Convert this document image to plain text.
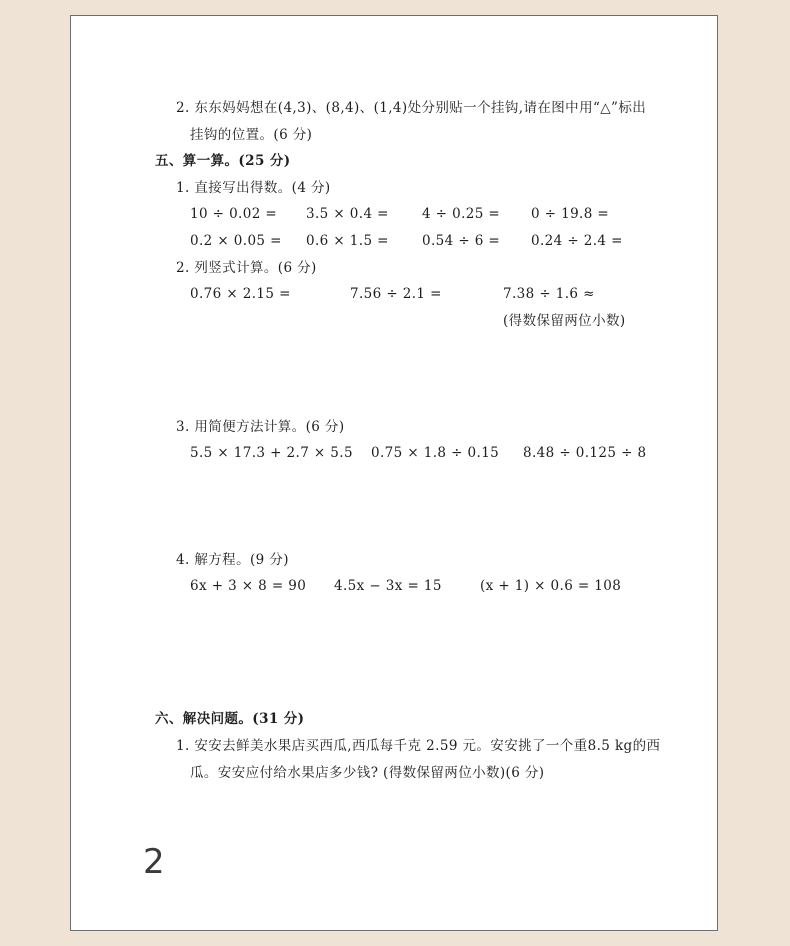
2. 东东妈妈想在(4,3)、(8,4)、(1,4)处分别贴一个挂钩,请在图中用“△”标出
挂钩的位置。(6 分)
五、算一算。(25 分)
1. 直接写出得数。(4 分)
10 ÷ 0.02 = 3.5 × 0.4 = 4 ÷ 0.25 = 0 ÷ 19.8 =
0.2 × 0.05 = 0.6 × 1.5 = 0.54 ÷ 6 = 0.24 ÷ 2.4 =
2. 列竖式计算。(6 分)
0.76 × 2.15 =	7.56 ÷ 2.1 =	7.38 ÷ 1.6 ≈
(得数保留两位小数)
3. 用简便方法计算。(6 分)
5.5 × 17.3 + 2.7 × 5.5 0.75 × 1.8 ÷ 0.15 8.48 ÷ 0.125 ÷ 8
4. 解方程。(9 分)
6x + 3 × 8 = 90 4.5x − 3x = 15	(x + 1) × 0.6 = 108
六、解决问题。(31 分)
1. 安安去鲜美水果店买西瓜,西瓜每千克 2.59 元。安安挑了一个重8.5 kg的西
瓜。安安应付给水果店多少钱? (得数保留两位小数)(6 分)
2
